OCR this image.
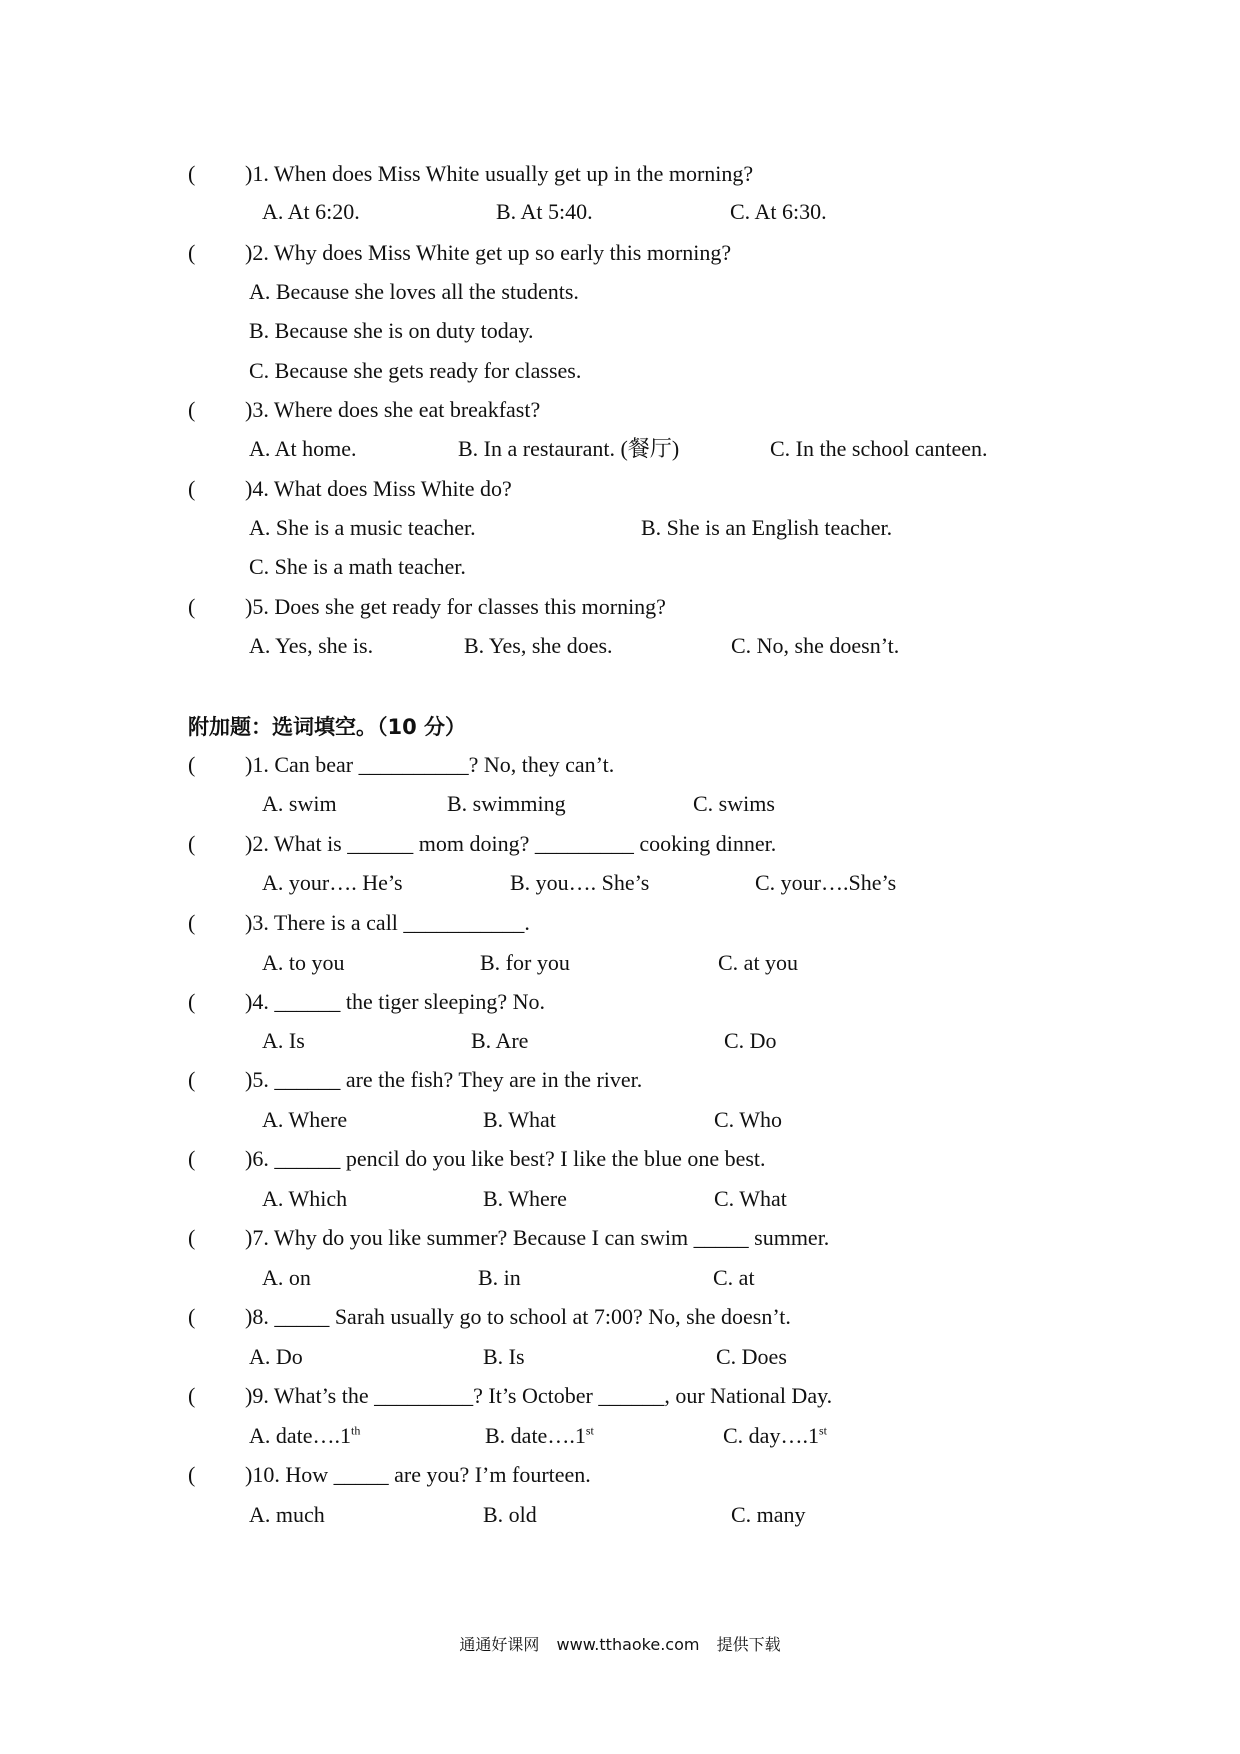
( )1. When does Miss White usually get up in the morning?
A. At 6:20.	B. At 5:40.	C. At 6:30.
( )2. Why does Miss White get up so early this morning?
A. Because she loves all the students.
B. Because she is on duty today.
C. Because she gets ready for classes.
( )3. Where does she eat breakfast?
A. At home.	B. In a restaurant. (餐厅)	C. In the school canteen.
( )4. What does Miss White do?
A. She is a music teacher.	B. She is an English teacher.
C. She is a math teacher.
( )5. Does she get ready for classes this morning?
A. Yes, she is.	B. Yes, she does.	C. No, she doesn’t.
附加题：选词填空。（10 分）
( )1. Can bear __________? No, they can’t.
A. swim	B. swimming	C. swims
( )2. What is ______ mom doing? _________ cooking dinner.
A. your…. He’s	B. you…. She’s	C. your….She’s
( )3. There is a call ___________.
A. to you	B. for you	C. at you
( )4. ______ the tiger sleeping? No.
A. Is	B. Are	C. Do
( )5. ______ are the fish? They are in the river.
A. Where	B. What	C. Who
( )6. ______ pencil do you like best? I like the blue one best.
A. Which	B. Where	C. What
( )7. Why do you like summer? Because I can swim _____ summer.
A. on	B. in	C. at
( )8. _____ Sarah usually go to school at 7:00? No, she doesn’t.
A. Do	B. Is	C. Does
( )9. What’s the _________? It’s October ______, our National Day.
A. date….1th	B. date….1st	C. day….1st
( )10. How _____ are you? I’m fourteen.
A. much	B. old	C. many
通通好课网 www.tthaoke.com 提供下载
